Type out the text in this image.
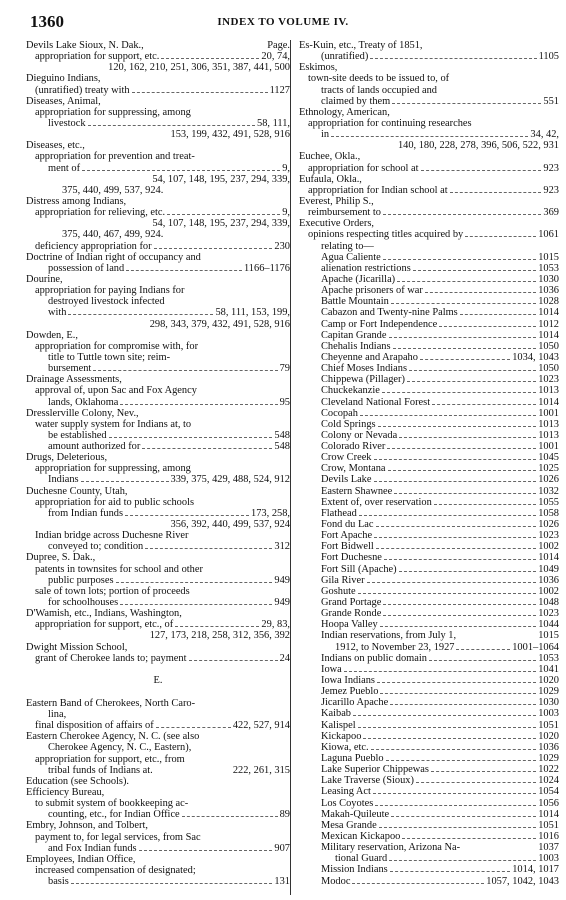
1360	INDEX TO VOLUME IV.
Devils Lake Sioux, N. Dak.,	Page.
appropriation for support, etc.	20, 74,
120, 162, 210, 251, 306, 351, 387, 441, 500
Dieguino Indians,
(unratified) treaty with	1127
Diseases, Animal,
appropriation for suppressing, among
livestock	58, 111,
153, 199, 432, 491, 528, 916
Diseases, etc.,
appropriation for prevention and treat-
ment of	9,
54, 107, 148, 195, 237, 294, 339,
375, 440, 499, 537, 924.
Distress among Indians,
appropriation for relieving, etc.	9,
54, 107, 148, 195, 237, 294, 339,
375, 440, 467, 499, 924.
deficiency appropriation for	230
Doctrine of Indian right of occupancy and
possession of land	1166–1176
Dourine,
appropriation for paying Indians for
destroyed livestock infected
with	58, 111, 153, 199,
298, 343, 379, 432, 491, 528, 916
Dowden, E.,
appropriation for compromise with, for
title to Tuttle town site; reim-
bursement	79
Drainage Assessments,
approval of, upon Sac and Fox Agency
lands, Oklahoma	95
Dresslerville Colony, Nev.,
water supply system for Indians at, to
be established	548
amount authorized for	548
Drugs, Deleterious,
appropriation for suppressing, among
Indians	339, 375, 429, 488, 524, 912
Duchesne County, Utah,
appropriation for aid to public schools
from Indian funds	173, 258,
356, 392, 440, 499, 537, 924
Indian bridge across Duchesne River
conveyed to; condition	312
Dupree, S. Dak.,
patents in townsites for school and other
public purposes	949
sale of town lots; portion of proceeds
for schoolhouses	949
D'Wamish, etc., Indians, Washington,
appropriation for support, etc., of	29, 83,
127, 173, 218, 258, 312, 356, 392
Dwight Mission School,
grant of Cherokee lands to; payment	24
E.
Eastern Band of Cherokees, North Caro-
lina,
final disposition of affairs of	422, 527, 914
Eastern Cherokee Agency, N. C. (see also
Cherokee Agency, N. C., Eastern),
appropriation for support, etc., from
tribal funds of Indians at.	222, 261, 315
Education (see Schools).
Efficiency Bureau,
to submit system of bookkeeping ac-
counting, etc., for Indian Office	89
Embry, Johnson, and Tolbert,
payment to, for legal services, from Sac
and Fox Indian funds	907
Employees, Indian Office,
increased compensation of designated;
basis	131
Es-Kuin, etc., Treaty of 1851,
(unratified)	1105
Eskimos,
town-site deeds to be issued to, of
tracts of lands occupied and
claimed by them	551
Ethnology, American,
appropriation for continuing researches
in	34, 42,
140, 180, 228, 278, 396, 506, 522, 931
Euchee, Okla.,
appropriation for school at	923
Eufaula, Okla.,
appropriation for Indian school at	923
Everest, Philip S.,
reimbursement to	369
Executive Orders,
opinions respecting titles acquired by	1061
relating to—
Agua Caliente	1015
alienation restrictions	1053
Apache (Jicarilla)	1030
Apache prisoners of war	1036
Battle Mountain	1028
Cabazon and Twenty-nine Palms	1014
Camp or Fort Independence	1012
Capitan Grande	1014
Chehalis Indians	1050
Cheyenne and Arapaho	1034, 1043
Chief Moses Indians	1050
Chippewa (Pillager)	1023
Chuckekanzie	1013
Cleveland National Forest	1014
Cocopah	1001
Cold Springs	1013
Colony or Nevada	1013
Colorado River	1001
Crow Creek	1045
Crow, Montana	1025
Devils Lake	1026
Eastern Shawnee	1032
Extent of, over reservation	1055
Flathead	1058
Fond du Lac	1026
Fort Apache	1023
Fort Bidwell	1002
Fort Duchesne	1014
Fort Sill (Apache)	1049
Gila River	1036
Goshute	1002
Grand Portage	1048
Grande Ronde	1023
Hoopa Valley	1044
Indian reservations, from July 1,	1015
1912, to November 23, 1927	1001–1064
Indians on public domain	1053
Iowa	1041
Iowa Indians	1020
Jemez Pueblo	1029
Jicarillo Apache	1030
Kaibab	1003
Kalispel	1051
Kickapoo	1020
Kiowa, etc.	1036
Laguna Pueblo	1029
Lake Superior Chippewas	1022
Lake Traverse (Sioux)	1024
Leasing Act	1054
Los Coyotes	1056
Makah-Quileute	1014
Mesa Grande	1051
Mexican Kickapoo	1016
Military reservation, Arizona Na-	1037
tional Guard	1003
Mission Indians	1014, 1017
Modoc	1057, 1042, 1043
